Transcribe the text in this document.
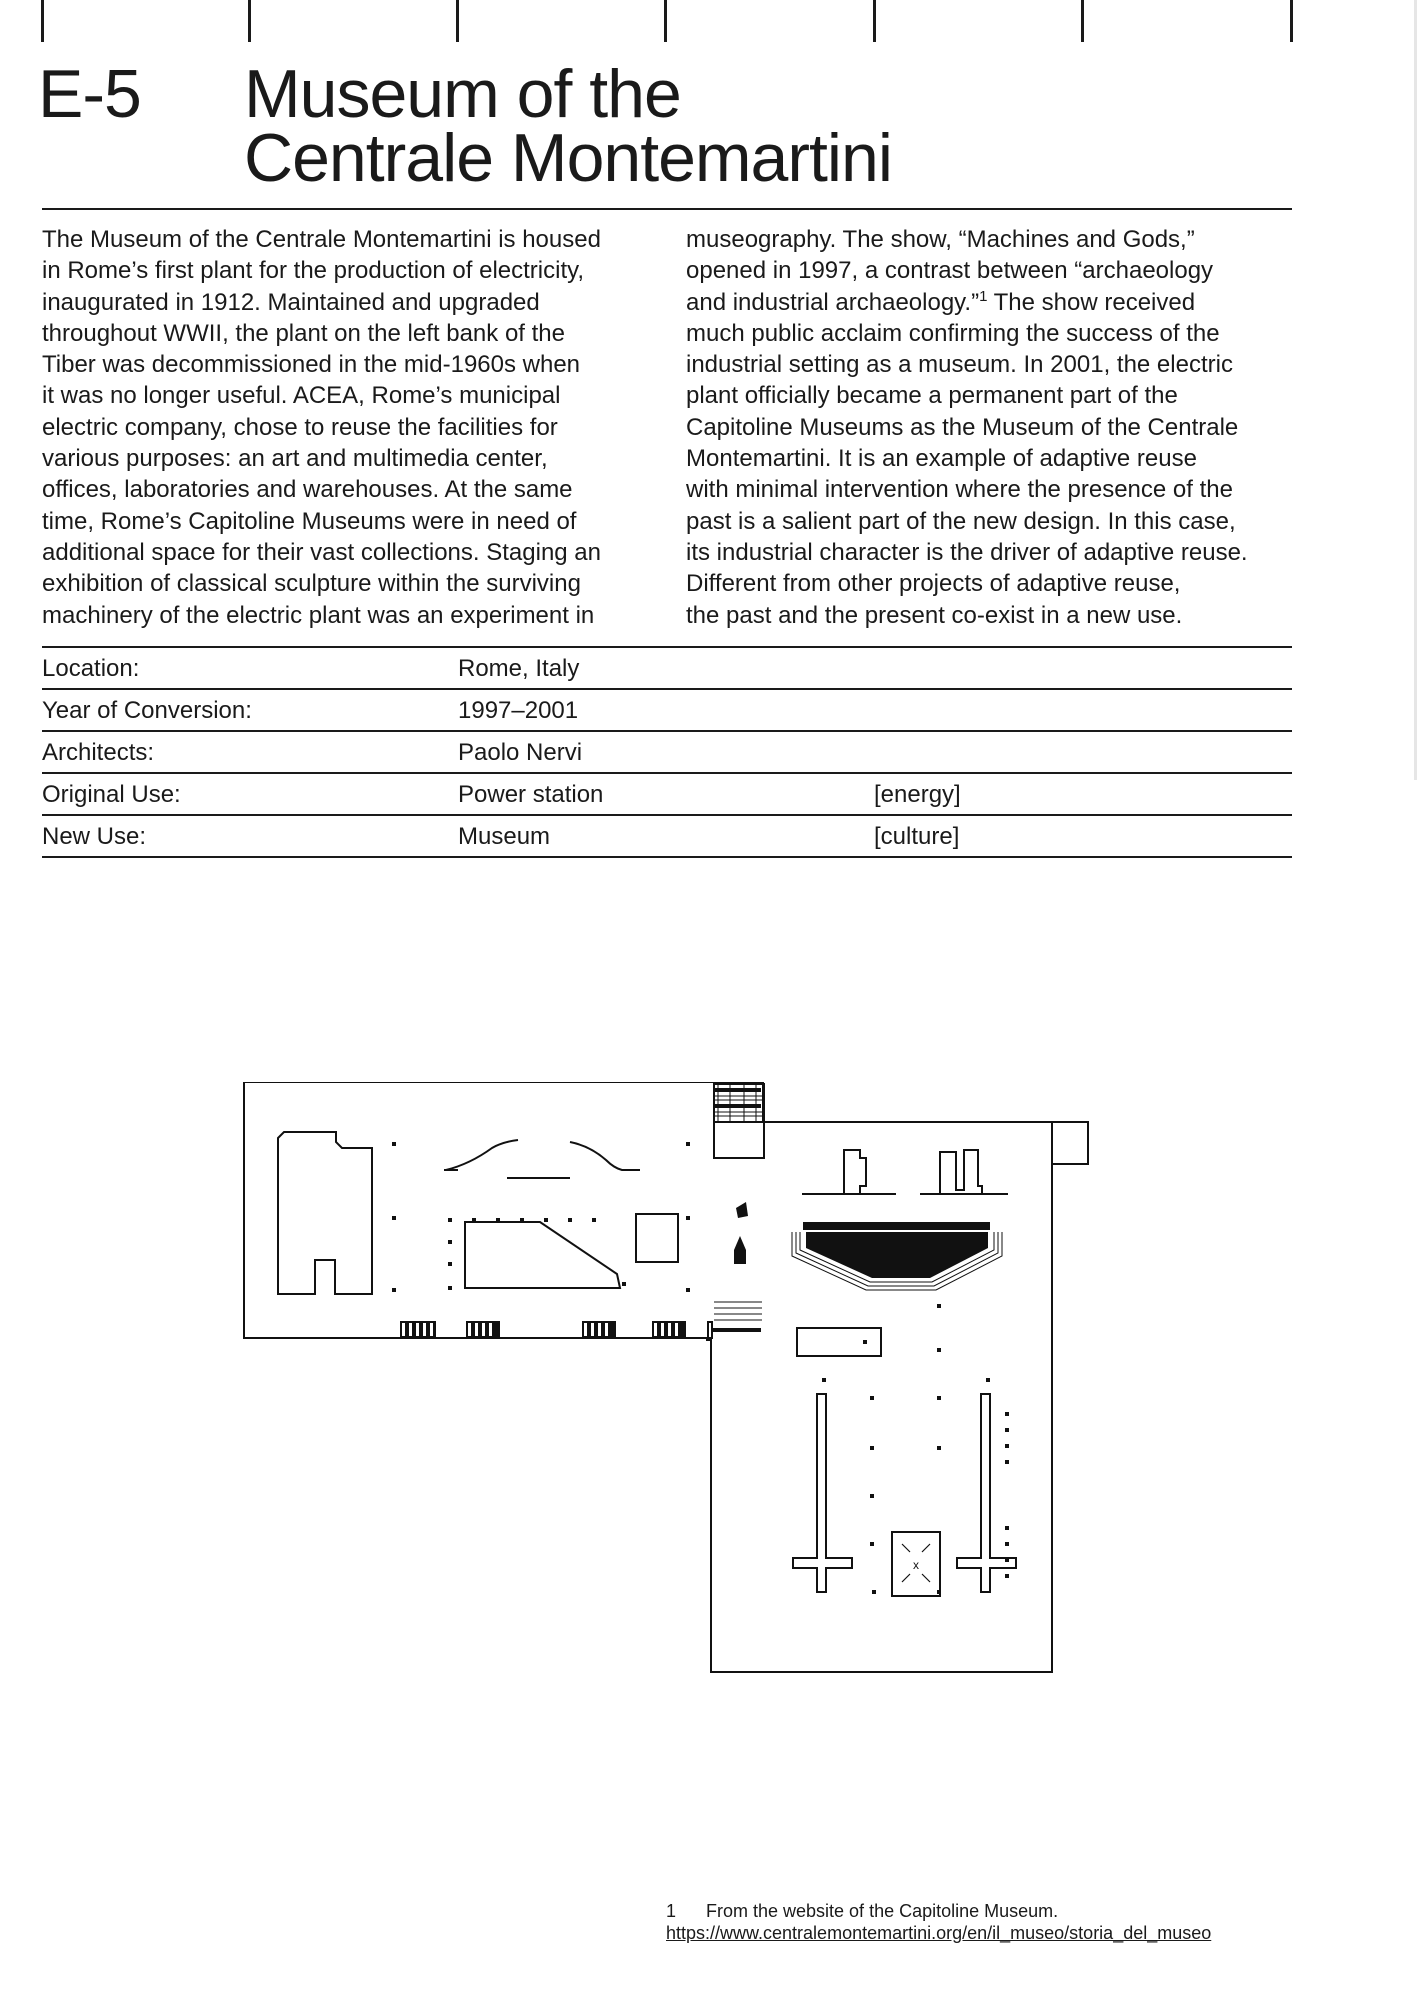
E-5 Museum of the
Centrale Montemartini
The Museum of the Centrale Montemartini is housed
in Rome’s first plant for the production of electricity,
inaugurated in 1912. Maintained and upgraded
throughout WWII, the plant on the left bank of the
Tiber was decommissioned in the mid-1960s when
it was no longer useful. ACEA, Rome’s municipal
electric company, chose to reuse the facilities for
various purposes: an art and multimedia center,
offices, laboratories and warehouses. At the same
time, Rome’s Capitoline Museums were in need of
additional space for their vast collections. Staging an
exhibition of classical sculpture within the surviving
machinery of the electric plant was an experiment in
museography. The show, “Machines and Gods,”
opened in 1997, a contrast between “archaeology
and industrial archaeology.”$^1$ The show received
much public acclaim confirming the success of the
industrial setting as a museum. In 2001, the electric
plant officially became a permanent part of the
Capitoline Museums as the Museum of the Centrale
Montemartini. It is an example of adaptive reuse
with minimal intervention where the presence of the
past is a salient part of the new design. In this case,
its industrial character is the driver of adaptive reuse.
Different from other projects of adaptive reuse,
the past and the present co-exist in a new use.
Location:	Rome, Italy
Year of Conversion:	1997–2001
Architects:	Paolo Nervi
Original Use:	Power station	[energy]
New Use:	Museum	[culture]
x
1 From the website of the Capitoline Museum.
https://www.centralemontemartini.org/en/il_museo/storia_del_museo
